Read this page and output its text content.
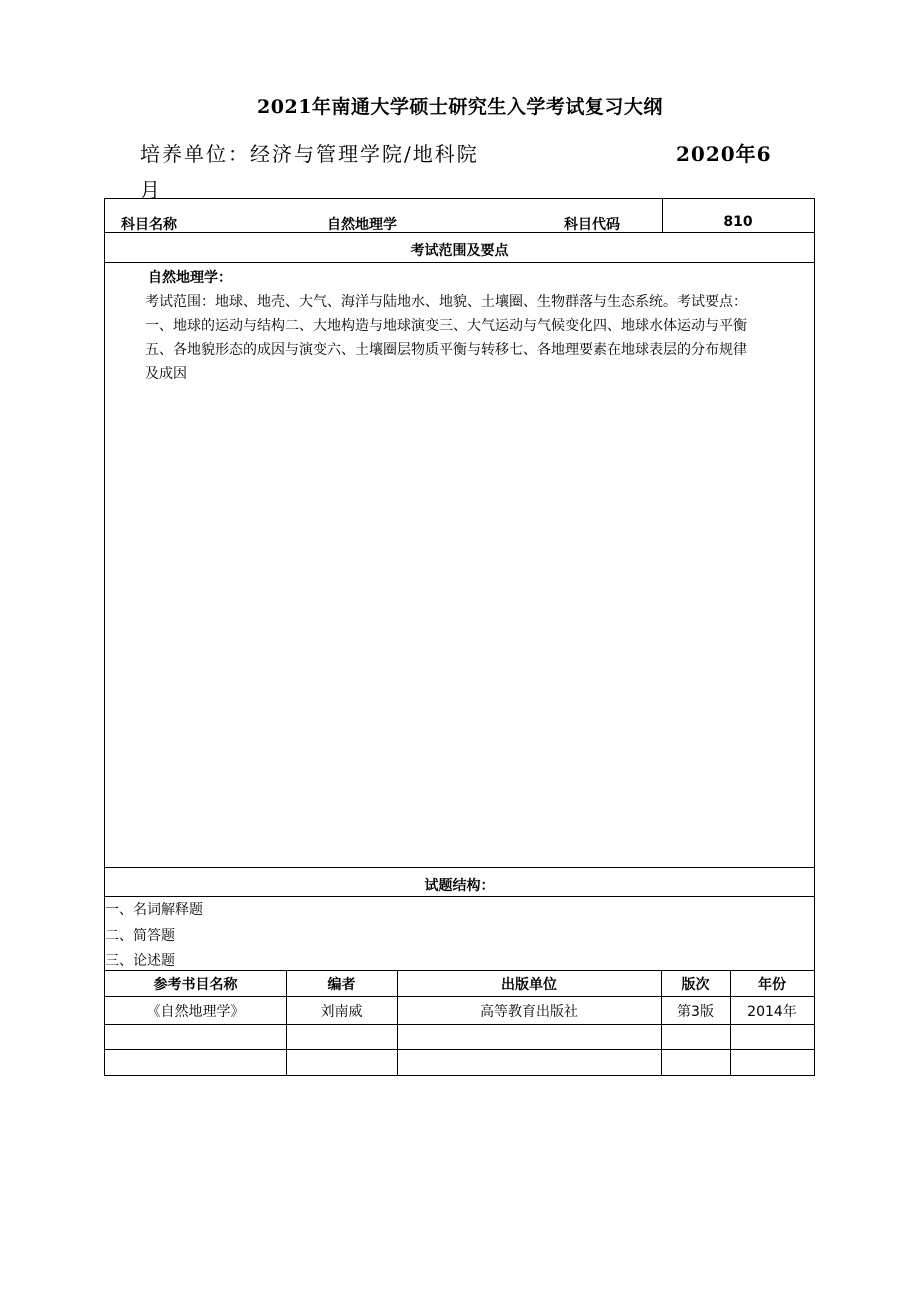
2021年南通大学硕士研究生入学考试复习大纲
培养单位：经济与管理学院/地科院	2020年6
月
科目名称	自然地理学	科目代码	810
考试范围及要点

自然地理学：

考试范围：地球、地壳、大气、海洋与陆地水、地貌、土壤圈、生物群落与生态系统。考试要点：

一、地球的运动与结构二、大地构造与地球演变三、大气运动与气候变化四、地球水体运动与平衡

五、各地貌形态的成因与演变六、土壤圈层物质平衡与转移七、各地理要素在地球表层的分布规律

及成因

试题结构：
一、名词解释题
二、简答题
三、论述题
参考书目名称	编者	出版单位	版次	年份
《自然地理学》	刘南威	高等教育出版社	第3版	2014年
